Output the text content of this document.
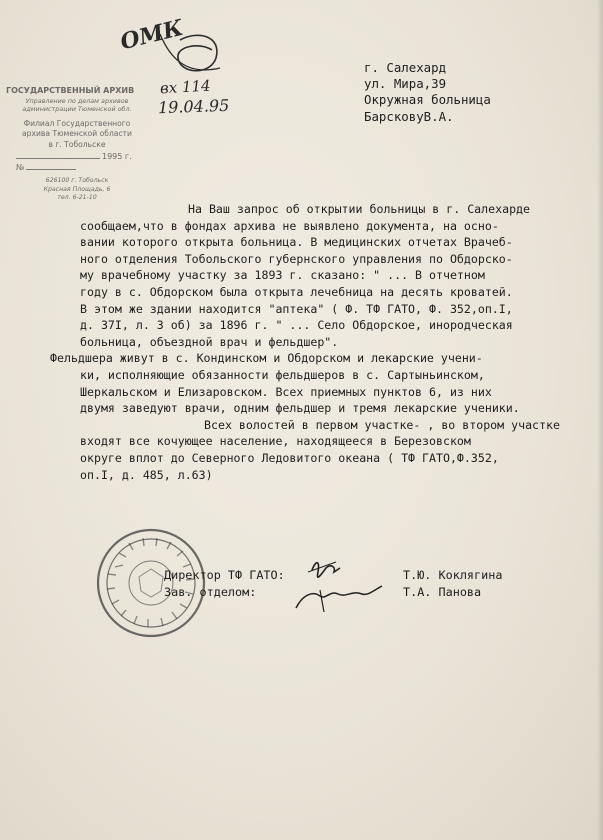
ГОСУДАРСТВЕННЫЙ АРХИВ
Управление по делам архивов
администрации Тюменской обл.
Филиал Государственного
архива Тюменской области
в г. Тобольске
1995 г.
№
626100 г. Тобольск
Красная Площадь, 6
тел. 6-21-10
ОМК
вх 114
19.04.95
г. Салехард
ул. Мира,39
Окружная больница
БарсковуВ.А.
На Ваш запрос об открытии больницы в г. Салехарде
сообщаем,что в фондах архива не выявлено документа, на осно-
вании которого открыта больница. В медицинских отчетах Врачеб-
ного отделения Тобольского губернского управления по Обдорско-
му врачебному участку за 1893 г. сказано: " ... В отчетном
году в с. Обдорском была открыта лечебница на десять кроватей.
В этом же здании находится "аптека" ( Ф. ТФ ГАТО, Ф. 352,оп.I,
д. 37I, л. 3 об) за 1896 г. " ... Село Обдорское, инородческая
больница, объездной врач и фельдшер".
Фельдшера живут в с. Кондинском и Обдорском и лекарские учени-
ки, исполняющие обязанности фельдшеров в с. Сартыньинском,
Шеркальском и Елизаровском. Всех приемных пунктов 6, из них
двумя заведуют врачи, одним фельдшер и тремя лекарские ученики.
Всех волостей в первом участке- , во втором участке
входят все кочующее население, находящееся в Березовском
округе вплот до Северного Ледовитого океана ( ТФ ГАТО,Ф.352,
оп.I, д. 485, л.63)
Директор ТФ ГАТО:
Зав. отделом:
Т.Ю. Коклягина
Т.А. Панова
